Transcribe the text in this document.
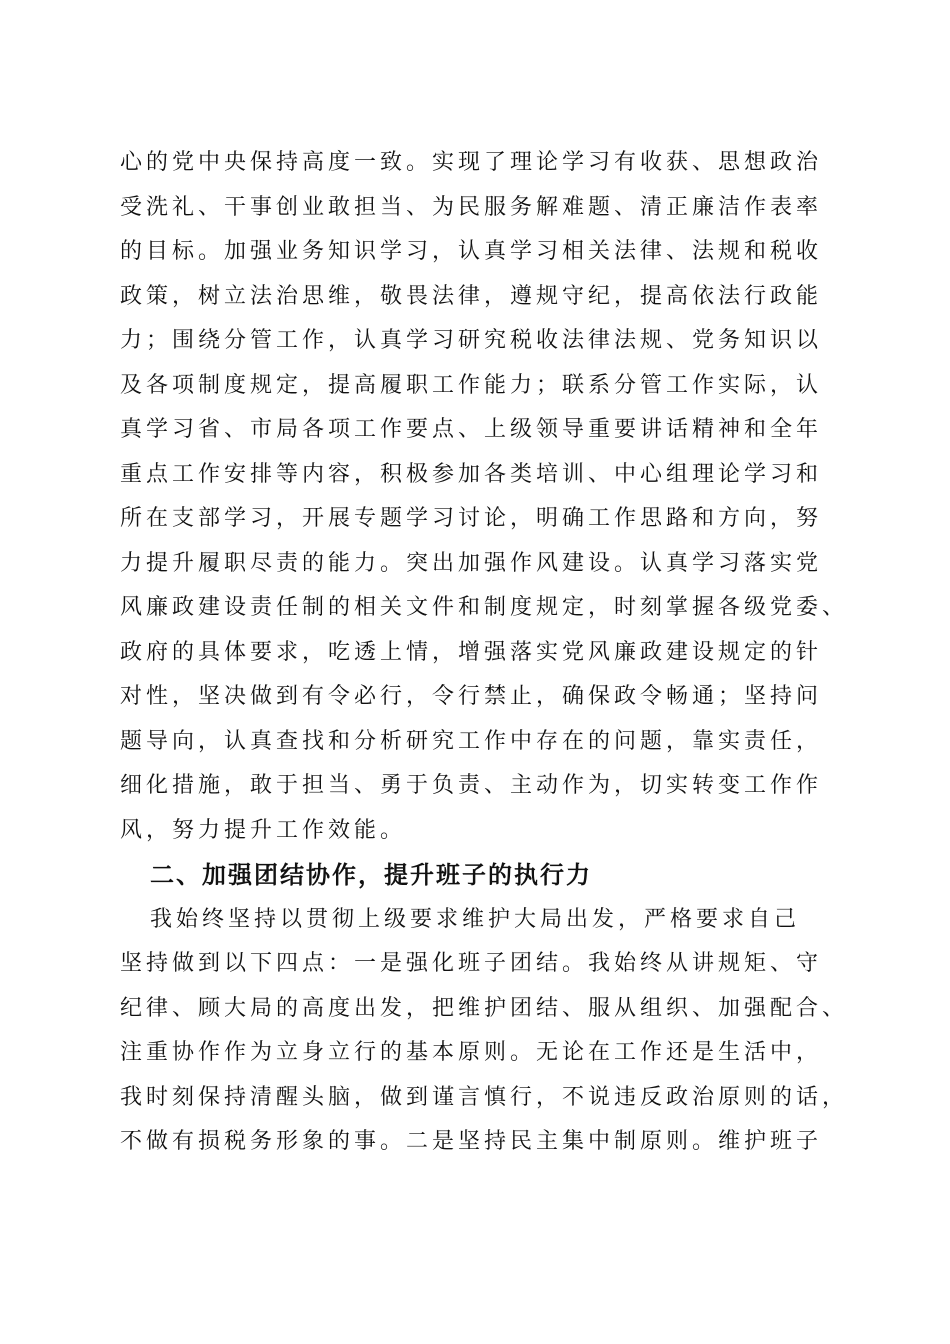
心的党中央保持高度一致。实现了理论学习有收获、思想政治
受洗礼、干事创业敢担当、为民服务解难题、清正廉洁作表率
的目标。加强业务知识学习，认真学习相关法律、法规和税收
政策，树立法治思维，敬畏法律，遵规守纪，提高依法行政能
力；围绕分管工作，认真学习研究税收法律法规、党务知识以
及各项制度规定，提高履职工作能力；联系分管工作实际，认
真学习省、市局各项工作要点、上级领导重要讲话精神和全年
重点工作安排等内容，积极参加各类培训、中心组理论学习和
所在支部学习，开展专题学习讨论，明确工作思路和方向，努
力提升履职尽责的能力。突出加强作风建设。认真学习落实党
风廉政建设责任制的相关文件和制度规定，时刻掌握各级党委、
政府的具体要求，吃透上情，增强落实党风廉政建设规定的针
对性，坚决做到有令必行，令行禁止，确保政令畅通；坚持问
题导向，认真查找和分析研究工作中存在的问题，靠实责任，
细化措施，敢于担当、勇于负责、主动作为，切实转变工作作
风，努力提升工作效能。
二、加强团结协作，提升班子的执行力
我始终坚持以贯彻上级要求维护大局出发，严格要求自己
坚持做到以下四点：一是强化班子团结。我始终从讲规矩、守
纪律、顾大局的高度出发，把维护团结、服从组织、加强配合、
注重协作作为立身立行的基本原则。无论在工作还是生活中，
我时刻保持清醒头脑，做到谨言慎行，不说违反政治原则的话，
不做有损税务形象的事。二是坚持民主集中制原则。维护班子
